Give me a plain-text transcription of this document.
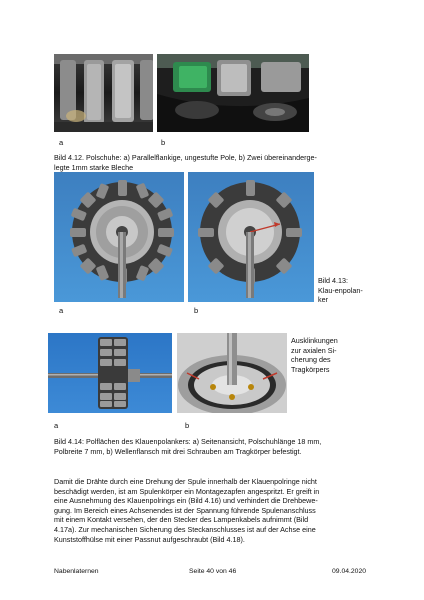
a	b
Bild 4.12. Polschuhe: a) Parallelflankige, ungestufte Pole, b) Zwei übereinanderge-
legte 1mm starke Bleche
Bild 4.13:
Klau-enpolan-
ker
a	b
Ausklinkungen
zur axialen Si-
cherung des
Tragkörpers
a	b
Bild 4.14: Polflächen des Klauenpolankers: a) Seitenansicht, Polschuhlänge 18 mm,
Polbreite 7 mm, b) Wellenflansch mit drei Schrauben am Tragkörper befestigt.
Damit die Drähte durch eine Drehung der Spule innerhalb der Klauenpolringe nicht
beschädigt werden, ist am Spulenkörper ein Montagezapfen angespritzt. Er greift in
eine Ausnehmung des Klauenpolrings ein (Bild 4.16) und verhindert die Drehbewe-
gung. Im Bereich eines Achsenendes ist der Spannung führende Spulenanschluss
mit einem Kontakt versehen, der den Stecker des Lampenkabels aufnimmt (Bild
4.17a). Zur mechanischen Sicherung des Steckanschlusses ist auf der Achse eine
Kunststoffhülse mit einer Passnut aufgeschraubt (Bild 4.18).
Nabenlaternen	Seite 40 von 46	09.04.2020
